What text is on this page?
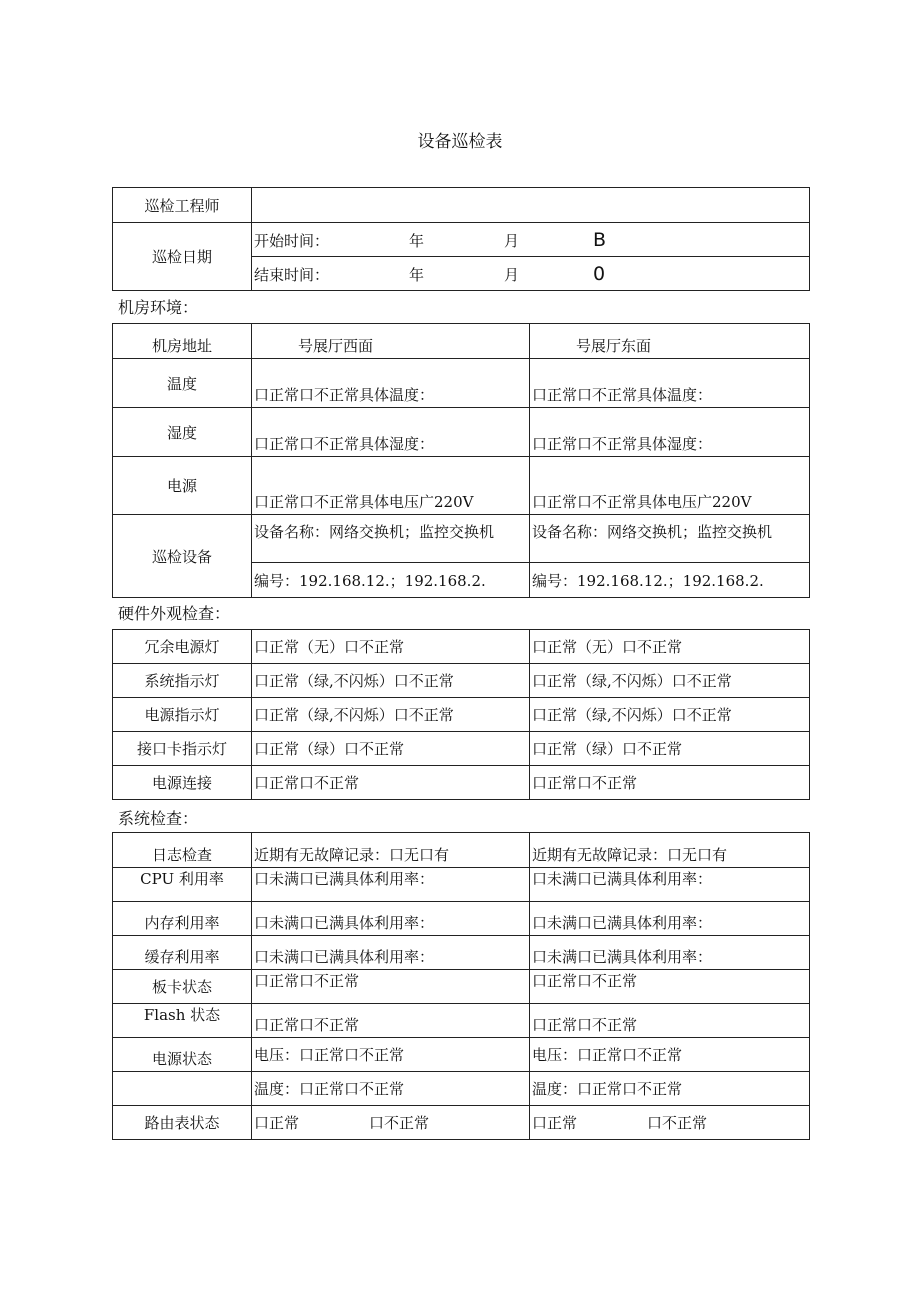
设备巡检表
巡检工程师	
巡检日期	开始时间： 年 月 B
	结束时间： 年 月 0
机房环境：
机房地址	号展厅西面	号展厅东面
温度	口正常口不正常具体温度：	口正常口不正常具体温度：
湿度	口正常口不正常具体湿度：	口正常口不正常具体湿度：
电源	口正常口不正常具体电压广220V	口正常口不正常具体电压广220V
巡检设备	设备名称：网络交换机；监控交换机	设备名称：网络交换机；监控交换机
	编号：192.168.12.；192.168.2.	编号：192.168.12.；192.168.2.
硬件外观检查：
冗余电源灯	口正常（无）口不正常	口正常（无）口不正常
系统指示灯	口正常（绿,不闪烁）口不正常	口正常（绿,不闪烁）口不正常
电源指示灯	口正常（绿,不闪烁）口不正常	口正常（绿,不闪烁）口不正常
接口卡指示灯	口正常（绿）口不正常	口正常（绿）口不正常
电源连接	口正常口不正常	口正常口不正常
系统检查：
日志检查	近期有无故障记录：口无口有	近期有无故障记录：口无口有
CPU 利用率	口未满口已满具体利用率：	口未满口已满具体利用率：
内存利用率	口未满口已满具体利用率：	口未满口已满具体利用率：
缓存利用率	口未满口已满具体利用率：	口未满口已满具体利用率：
板卡状态	口正常口不正常	口正常口不正常
Flash 状态	口正常口不正常	口正常口不正常
电源状态	电压：口正常口不正常	电压：口正常口不正常
	温度：口正常口不正常	温度：口正常口不正常
路由表状态	口正常 口不正常	口正常 口不正常
